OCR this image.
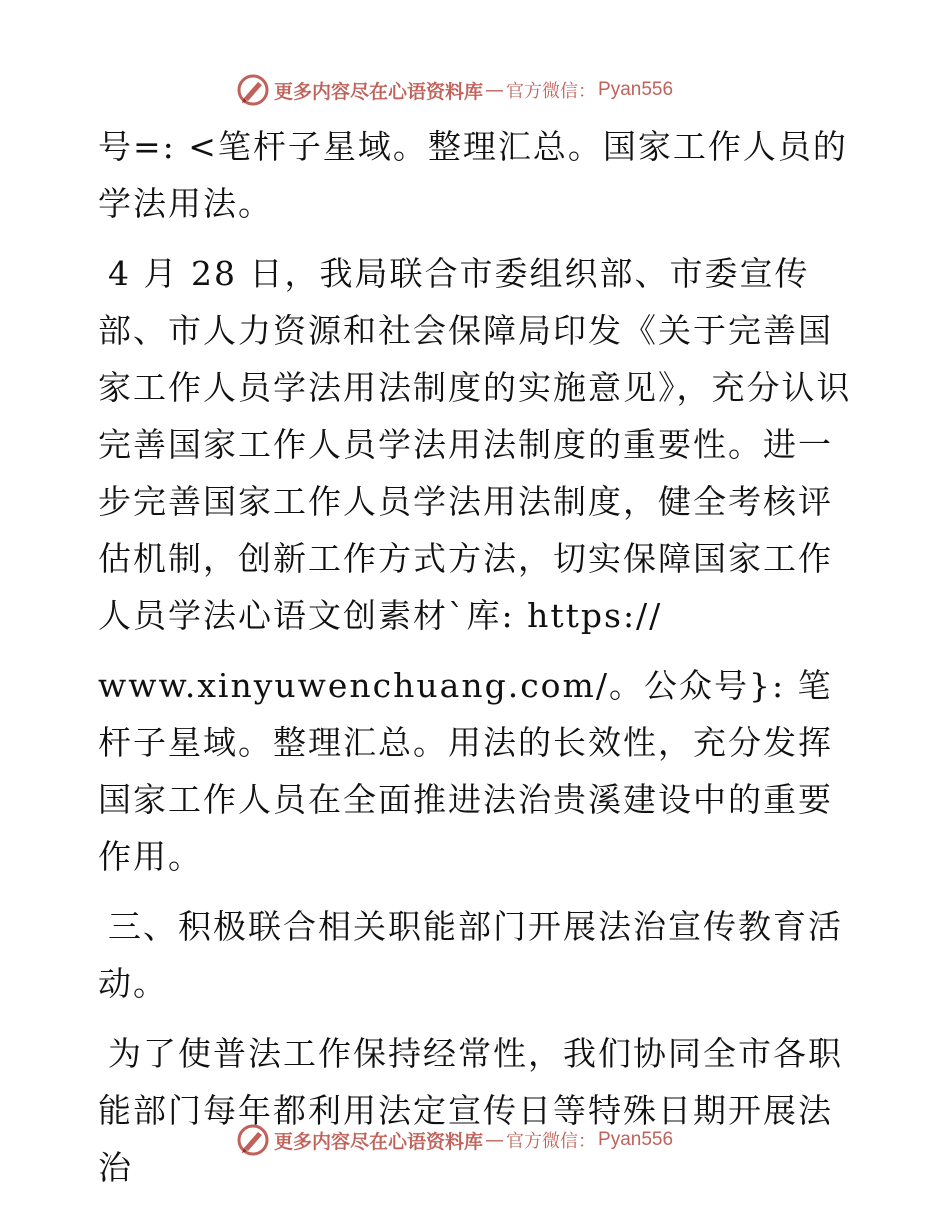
更多内容尽在心语资料库 — 官方微信： Pyan556

号=: <笔杆子星域。整理汇总。国家工作人员的学法用法。

4 月 28 日，我局联合市委组织部、市委宣传部、市人力资源和社会保障局印发《关于完善国家工作人员学法用法制度的实施意见》，充分认识完善国家工作人员学法用法制度的重要性。进一步完善国家工作人员学法用法制度，健全考核评估机制，创新工作方式方法，切实保障国家工作人员学法心语文创素材`库: https://

www.xinyuwenchuang.com/。公众号}: 笔杆子星域。整理汇总。用法的长效性，充分发挥国家工作人员在全面推进法治贵溪建设中的重要作用。

三、积极联合相关职能部门开展法治宣传教育活动。

为了使普法工作保持经常性，我们协同全市各职能部门每年都利用法定宣传日等特殊日期开展法治

更多内容尽在心语资料库 — 官方微信： Pyan556
